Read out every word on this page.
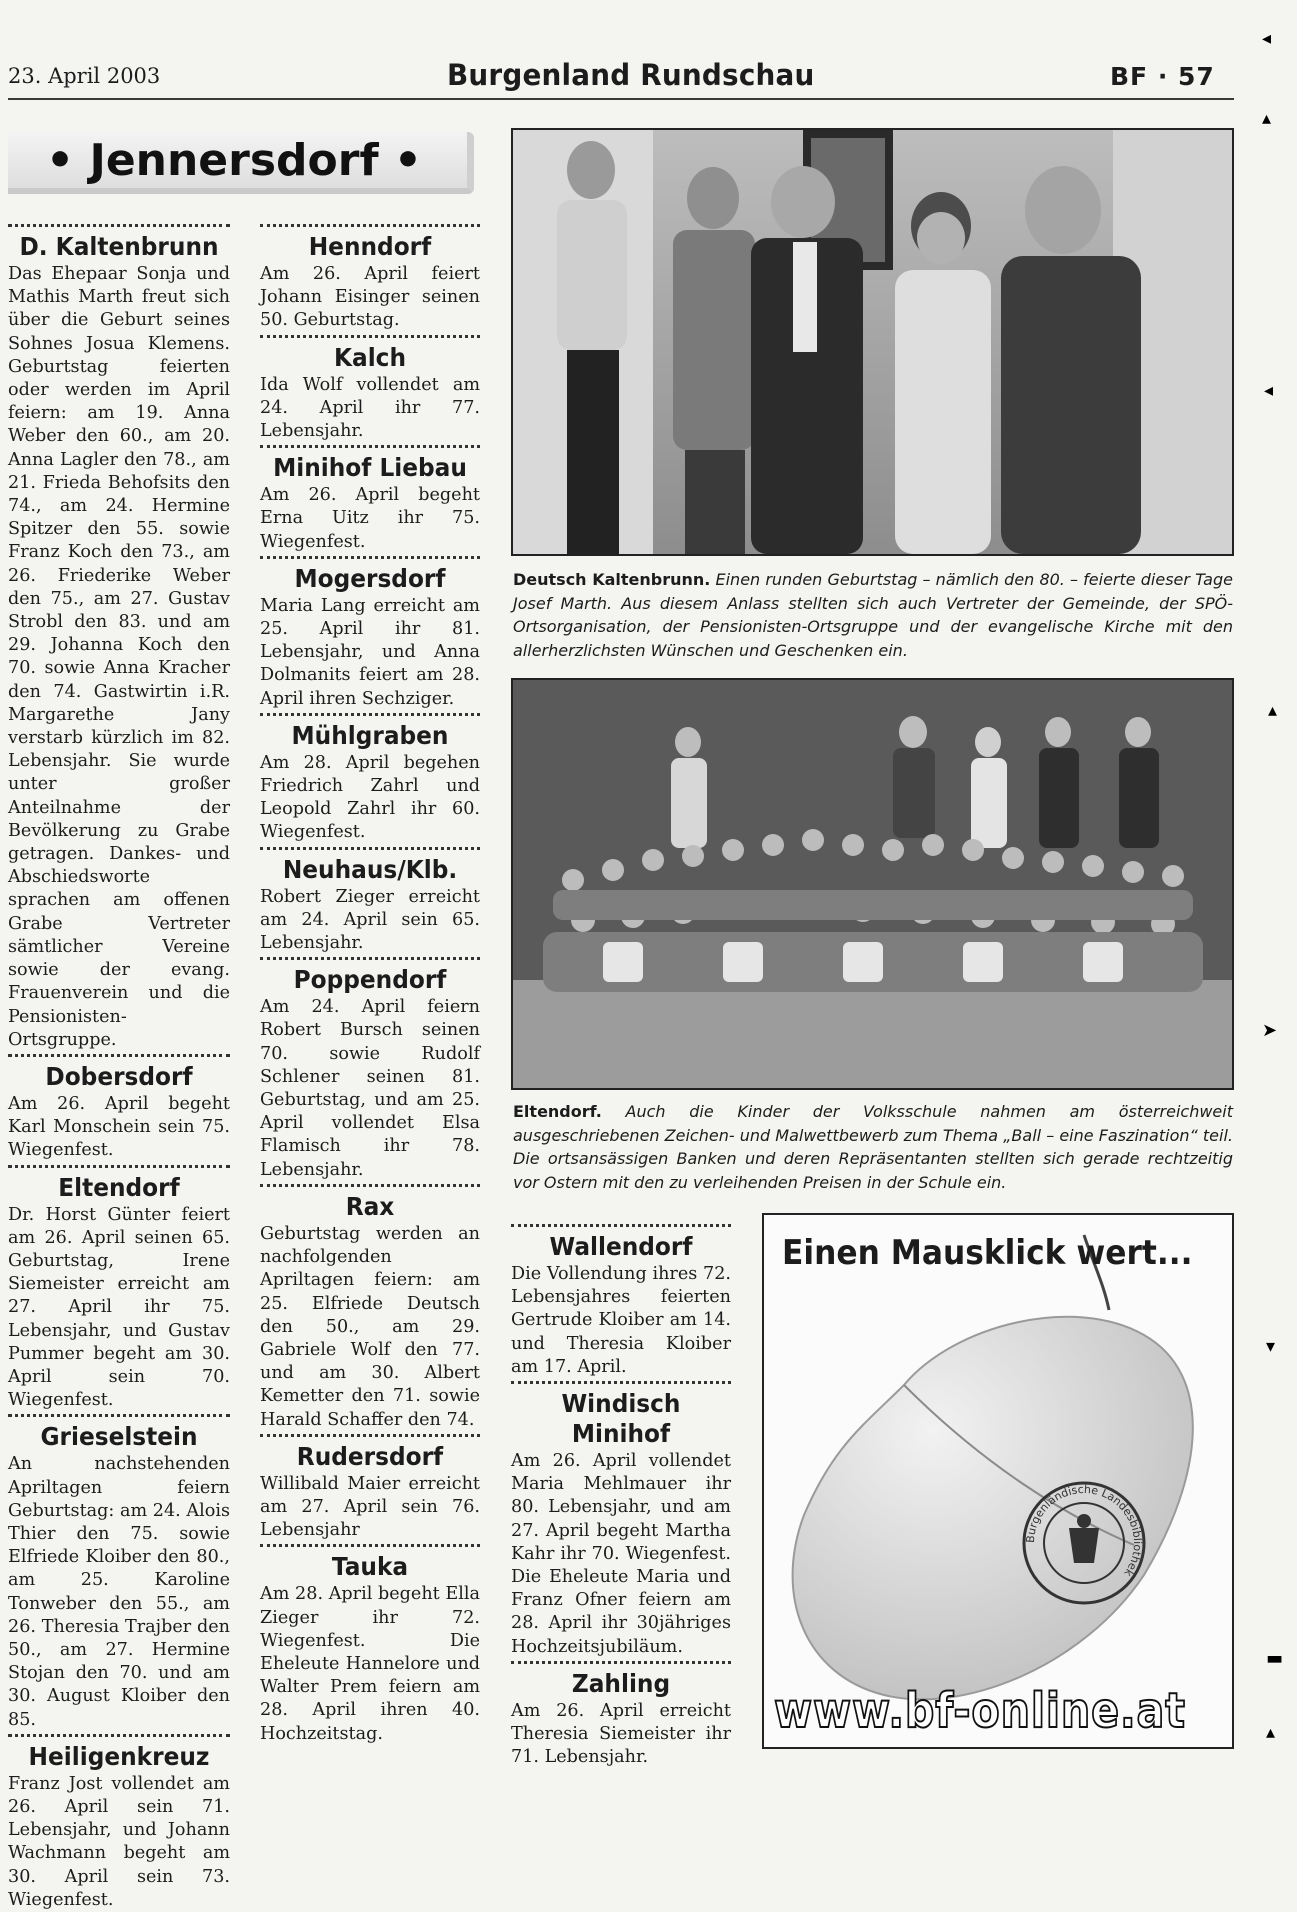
23. April 2003	Burgenland Rundschau	BF · 57
• Jennersdorf •
D. Kaltenbrunn

Das Ehepaar Sonja und Mathis Marth freut sich über die Geburt seines Sohnes Josua Klemens. Geburtstag feierten oder werden im April feiern: am 19. Anna Weber den 60., am 20. Anna Lagler den 78., am 21. Frieda Behofsits den 74., am 24. Hermine Spitzer den 55. sowie Franz Koch den 73., am 26. Friederike Weber den 75., am 27. Gustav Strobl den 83. und am 29. Johanna Koch den 70. sowie Anna Kracher den 74. Gastwirtin i.R. Margarethe Jany verstarb kürzlich im 82. Lebensjahr. Sie wurde unter großer Anteilnahme der Bevölkerung zu Grabe getragen. Dankes- und Abschiedsworte sprachen am offenen Grabe Vertreter sämtlicher Vereine sowie der evang. Frauenverein und die Pensionisten-Ortsgruppe.

Dobersdorf

Am 26. April begeht Karl Monschein sein 75. Wiegenfest.

Eltendorf

Dr. Horst Günter feiert am 26. April seinen 65. Geburtstag, Irene Siemeister erreicht am 27. April ihr 75. Lebensjahr, und Gustav Pummer begeht am 30. April sein 70. Wiegenfest.

Grieselstein

An nachstehenden Apriltagen feiern Geburtstag: am 24. Alois Thier den 75. sowie Elfriede Kloiber den 80., am 25. Karoline Tonweber den 55., am 26. Theresia Trajber den 50., am 27. Hermine Stojan den 70. und am 30. August Kloiber den 85.

Heiligenkreuz

Franz Jost vollendet am 26. April sein 71. Lebensjahr, und Johann Wachmann begeht am 30. April sein 73. Wiegenfest.

Henndorf

Am 26. April feiert Johann Eisinger seinen 50. Geburtstag.

Kalch

Ida Wolf vollendet am 24. April ihr 77. Lebensjahr.

Minihof Liebau

Am 26. April begeht Erna Uitz ihr 75. Wiegenfest.

Mogersdorf

Maria Lang erreicht am 25. April ihr 81. Lebensjahr, und Anna Dolmanits feiert am 28. April ihren Sechziger.

Mühlgraben

Am 28. April begehen Friedrich Zahrl und Leopold Zahrl ihr 60. Wiegenfest.

Neuhaus/Klb.

Robert Zieger erreicht am 24. April sein 65. Lebensjahr.

Poppendorf

Am 24. April feiern Robert Bursch seinen 70. sowie Rudolf Schlener seinen 81. Geburtstag, und am 25. April vollendet Elsa Flamisch ihr 78. Lebensjahr.

Rax

Geburtstag werden an nachfolgenden Apriltagen feiern: am 25. Elfriede Deutsch den 50., am 29. Gabriele Wolf den 77. und am 30. Albert Kemetter den 71. sowie Harald Schaffer den 74.

Rudersdorf

Willibald Maier erreicht am 27. April sein 76. Lebensjahr

Tauka

Am 28. April begeht Ella Zieger ihr 72. Wiegenfest. Die Eheleute Hannelore und Walter Prem feiern am 28. April ihren 40. Hochzeitstag.

Deutsch Kaltenbrunn. Einen runden Geburtstag – nämlich den 80. – feierte dieser Tage Josef Marth. Aus diesem Anlass stellten sich auch Vertreter der Gemeinde, der SPÖ-Ortsorganisation, der Pensionisten-Ortsgruppe und der evangelische Kirche mit den allerherzlichsten Wünschen und Geschenken ein.
Eltendorf. Auch die Kinder der Volksschule nahmen am österreichweit ausgeschriebenen Zeichen- und Malwettbewerb zum Thema „Ball – eine Faszination“ teil. Die ortsansässigen Banken und deren Repräsentanten stellten sich gerade rechtzeitig vor Ostern mit den zu verleihenden Preisen in der Schule ein.
Wallendorf

Die Vollendung ihres 72. Lebensjahres feierten Gertrude Kloiber am 14. und Theresia Kloiber am 17. April.

Windisch Minihof

Am 26. April vollendet Maria Mehlmauer ihr 80. Lebensjahr, und am 27. April begeht Martha Kahr ihr 70. Wiegenfest. Die Eheleute Maria und Franz Ofner feiern am 28. April ihr 30jähriges Hochzeitsjubiläum.

Zahling

Am 26. April erreicht Theresia Siemeister ihr 71. Lebensjahr.

Burgenländische Landesbibliothek
Einen Mausklick wert...
www.bf-online.at
◂
▴
◂
▴
➤
▾
▬
▴
